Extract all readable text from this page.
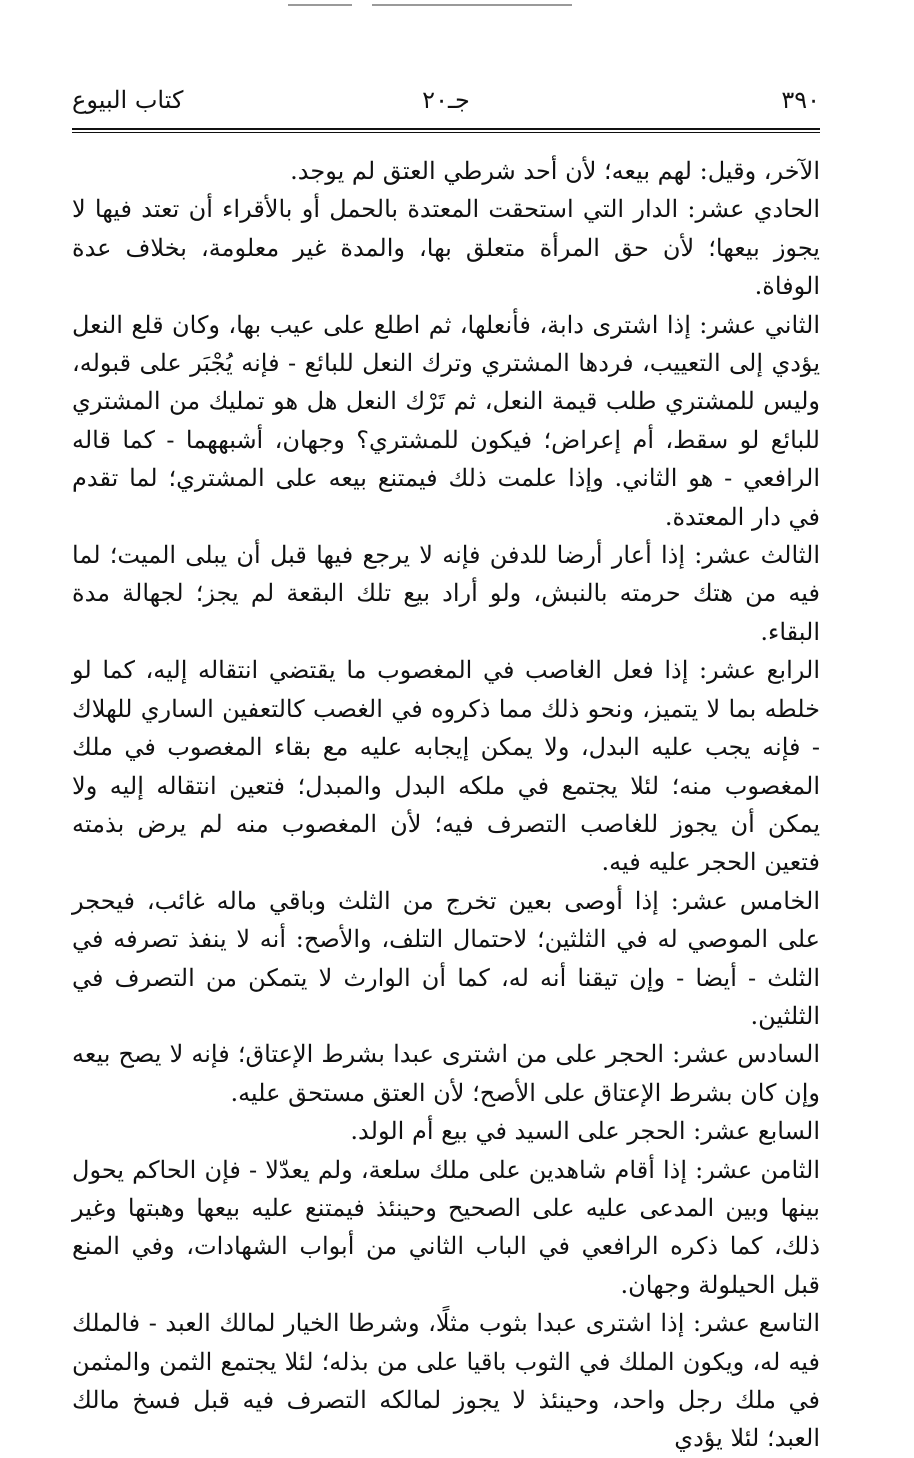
٣٩٠
جـ٢٠
كتاب البيوع

الآخر، وقيل: لهم بيعه؛ لأن أحد شرطي العتق لم يوجد.

الحادي عشر: الدار التي استحقت المعتدة بالحمل أو بالأقراء أن تعتد فيها لا يجوز بيعها؛ لأن حق المرأة متعلق بها، والمدة غير معلومة، بخلاف عدة الوفاة.

الثاني عشر: إذا اشترى دابة، فأنعلها، ثم اطلع على عيب بها، وكان قلع النعل يؤدي إلى التعييب، فردها المشتري وترك النعل للبائع - فإنه يُجْبَر على قبوله، وليس للمشتري طلب قيمة النعل، ثم تَرْك النعل هل هو تمليك من المشتري للبائع لو سقط، أم إعراض؛ فيكون للمشتري؟ وجهان، أشبههما - كما قاله الرافعي - هو الثاني. وإذا علمت ذلك فيمتنع بيعه على المشتري؛ لما تقدم في دار المعتدة.

الثالث عشر: إذا أعار أرضا للدفن فإنه لا يرجع فيها قبل أن يبلى الميت؛ لما فيه من هتك حرمته بالنبش، ولو أراد بيع تلك البقعة لم يجز؛ لجهالة مدة البقاء.

الرابع عشر: إذا فعل الغاصب في المغصوب ما يقتضي انتقاله إليه، كما لو خلطه بما لا يتميز، ونحو ذلك مما ذكروه في الغصب كالتعفين الساري للهلاك - فإنه يجب عليه البدل، ولا يمكن إيجابه عليه مع بقاء المغصوب في ملك المغصوب منه؛ لئلا يجتمع في ملكه البدل والمبدل؛ فتعين انتقاله إليه ولا يمكن أن يجوز للغاصب التصرف فيه؛ لأن المغصوب منه لم يرض بذمته فتعين الحجر عليه فيه.

الخامس عشر: إذا أوصى بعين تخرج من الثلث وباقي ماله غائب، فيحجر على الموصي له في الثلثين؛ لاحتمال التلف، والأصح: أنه لا ينفذ تصرفه في الثلث - أيضا - وإن تيقنا أنه له، كما أن الوارث لا يتمكن من التصرف في الثلثين.

السادس عشر: الحجر على من اشترى عبدا بشرط الإعتاق؛ فإنه لا يصح بيعه وإن كان بشرط الإعتاق على الأصح؛ لأن العتق مستحق عليه.

السابع عشر: الحجر على السيد في بيع أم الولد.

الثامن عشر: إذا أقام شاهدين على ملك سلعة، ولم يعدّلا - فإن الحاكم يحول بينها وبين المدعى عليه على الصحيح وحينئذ فيمتنع عليه بيعها وهبتها وغير ذلك، كما ذكره الرافعي في الباب الثاني من أبواب الشهادات، وفي المنع قبل الحيلولة وجهان.

التاسع عشر: إذا اشترى عبدا بثوب مثلًا، وشرطا الخيار لمالك العبد - فالملك فيه له، ويكون الملك في الثوب باقيا على من بذله؛ لئلا يجتمع الثمن والمثمن في ملك رجل واحد، وحينئذ لا يجوز لمالكه التصرف فيه قبل فسخ مالك العبد؛ لئلا يؤدي
